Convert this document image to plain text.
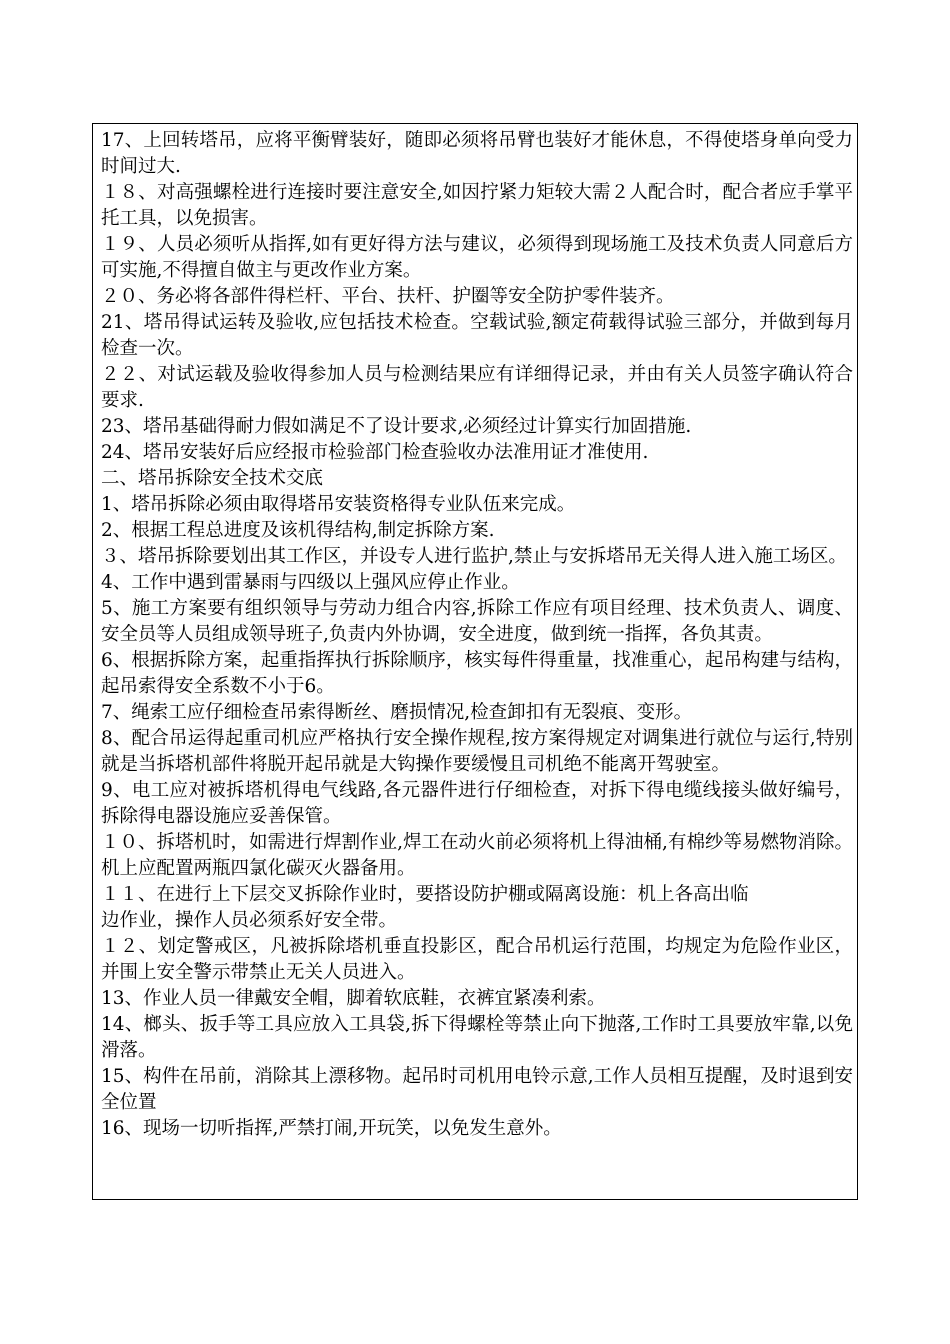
17、上回转塔吊，应将平衡臂装好，随即必须将吊臂也装好才能休息，不得使塔身单向受力时间过大.

１８、对高强螺栓进行连接时要注意安全,如因拧紧力矩较大需２人配合时，配合者应手掌平托工具，以免损害。

１９、人员必须听从指挥,如有更好得方法与建议，必须得到现场施工及技术负责人同意后方可实施,不得擅自做主与更改作业方案。

２０、务必将各部件得栏杆、平台、扶杆、护圈等安全防护零件装齐。

21、塔吊得试运转及验收,应包括技术检查。空载试验,额定荷载得试验三部分，并做到每月检查一次。

２２、对试运载及验收得参加人员与检测结果应有详细得记录，并由有关人员签字确认符合要求.

23、塔吊基础得耐力假如满足不了设计要求,必须经过计算实行加固措施.

24、塔吊安装好后应经报市检验部门检查验收办法准用证才准使用.

二、塔吊拆除安全技术交底

1、塔吊拆除必须由取得塔吊安装资格得专业队伍来完成。

2、根据工程总进度及该机得结构,制定拆除方案.

３、塔吊拆除要划出其工作区，并设专人进行监护,禁止与安拆塔吊无关得人进入施工场区。

4、工作中遇到雷暴雨与四级以上强风应停止作业。

5、施工方案要有组织领导与劳动力组合内容,拆除工作应有项目经理、技术负责人、调度、安全员等人员组成领导班子,负责内外协调，安全进度，做到统一指挥，各负其责。

6、根据拆除方案，起重指挥执行拆除顺序，核实每件得重量，找准重心，起吊构建与结构，起吊索得安全系数不小于6。

7、绳索工应仔细检查吊索得断丝、磨损情况,检查卸扣有无裂痕、变形。

8、配合吊运得起重司机应严格执行安全操作规程,按方案得规定对调集进行就位与运行,特别就是当拆塔机部件将脱开起吊就是大钩操作要缓慢且司机绝不能离开驾驶室。

9、电工应对被拆塔机得电气线路,各元器件进行仔细检查，对拆下得电缆线接头做好编号，拆除得电器设施应妥善保管。

１０、拆塔机时，如需进行焊割作业,焊工在动火前必须将机上得油桶,有棉纱等易燃物消除。机上应配置两瓶四氯化碳灭火器备用。

１１、在进行上下层交叉拆除作业时，要搭设防护棚或隔离设施：机上各高出临

边作业，操作人员必须系好安全带。

１２、划定警戒区，凡被拆除塔机垂直投影区，配合吊机运行范围，均规定为危险作业区，并围上安全警示带禁止无关人员进入。

13、作业人员一律戴安全帽，脚着软底鞋，衣裤宜紧凑利索。

14、榔头、扳手等工具应放入工具袋,拆下得螺栓等禁止向下抛落,工作时工具要放牢靠,以免滑落。

15、构件在吊前，消除其上漂移物。起吊时司机用电铃示意,工作人员相互提醒，及时退到安全位置

16、现场一切听指挥,严禁打闹,开玩笑，以免发生意外。
